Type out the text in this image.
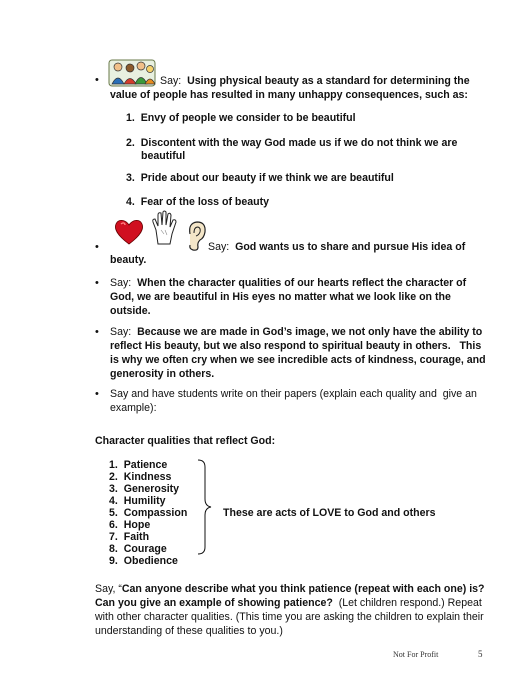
•	Say: Using physical beauty as a standard for determining the
value of people has resulted in many unhappy consequences, such as:
1. Envy of people we consider to be beautiful
2. Discontent with the way God made us if we do not think we are
beautiful
3. Pride about our beauty if we think we are beautiful
4. Fear of the loss of beauty
•	Say: God wants us to share and pursue His idea of
beauty.
• Say: When the character qualities of our hearts reflect the character of
God, we are beautiful in His eyes no matter what we look like on the
outside.
• Say: Because we are made in God’s image, we not only have the ability to
reflect His beauty, but we also respond to spiritual beauty in others.   This
is why we often cry when we see incredible acts of kindness, courage, and
generosity in others.
• Say and have students write on their papers (explain each quality and  give an
example):
Character qualities that reflect God:
1. Patience
2. Kindness
3. Generosity
4. Humility
5. Compassion
6. Hope
7. Faith
8. Courage
9. Obedience
These are acts of LOVE to God and others
Say, “Can anyone describe what you think patience (repeat with each one) is?
Can you give an example of showing patience?  (Let children respond.) Repeat
with other character qualities. (This time you are asking the children to explain their
understanding of these qualities to you.)
Not For Profit	5
